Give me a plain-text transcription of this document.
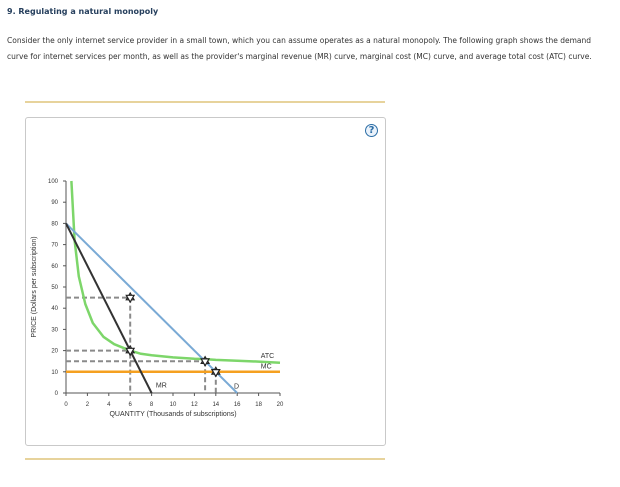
9. Regulating a natural monopoly
Consider the only internet service provider in a small town, which you can assume operates as a natural monopoly. The following graph shows the demand curve for internet services per month, as well as the provider's marginal revenue (MR) curve, marginal cost (MC) curve, and average total cost (ATC) curve.
?
0	2	4	6	8	10 12 14 16 18 20
0
10
20
30
40
50
60
70
80
90
100
QUANTITY (Thousands of subscriptions)
PRICE (Dollars per subscription)
ATC
MC
MR	D
